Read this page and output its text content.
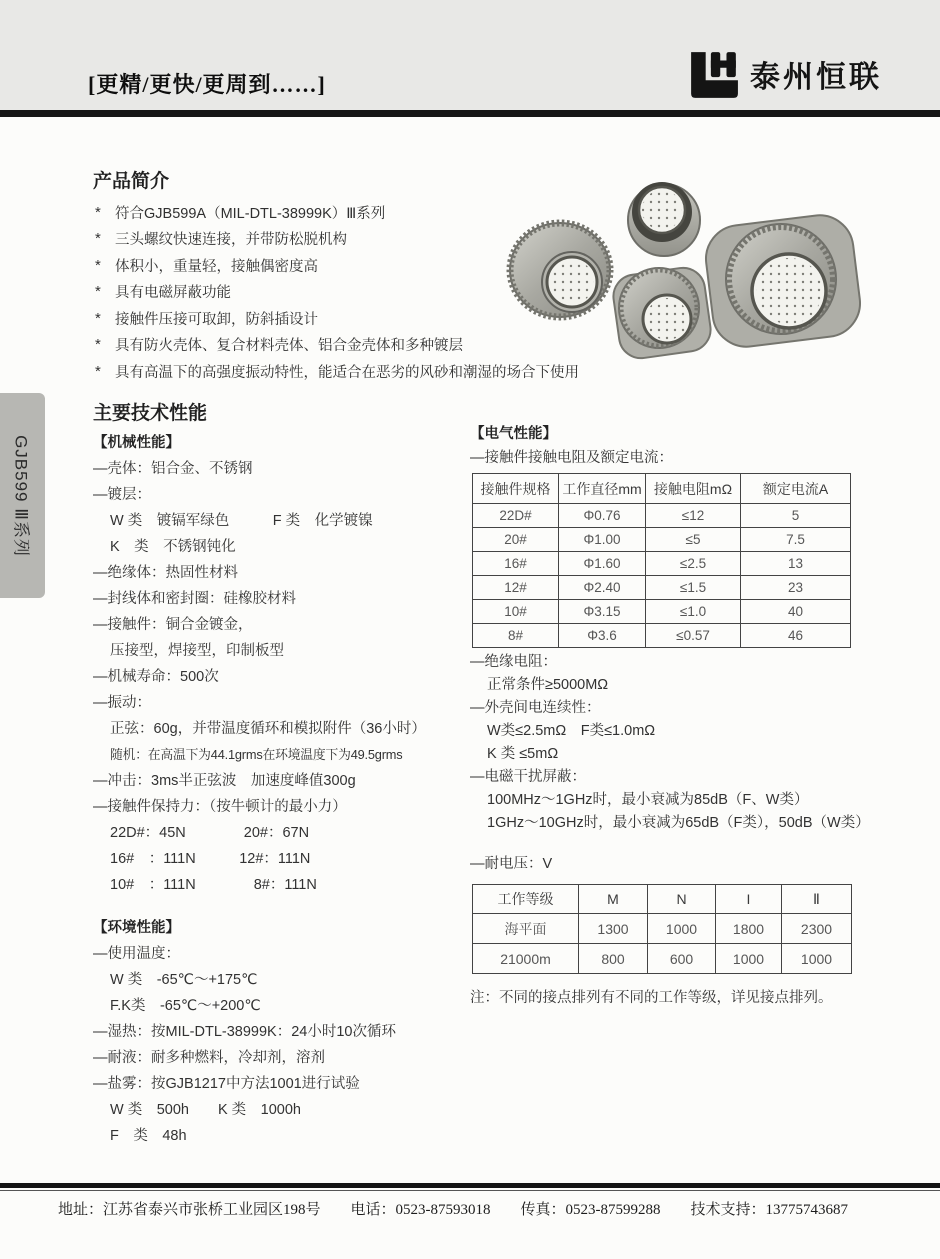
[更精/更快/更周到……]	泰州恒联
GJB599 Ⅲ系列
产品简介
* 符合GJB599A（MIL-DTL-38999K）Ⅲ系列
* 三头螺纹快速连接，并带防松脱机构
* 体积小，重量轻，接触偶密度高
* 具有电磁屏蔽功能
* 接触件压接可取卸，防斜插设计
* 具有防火壳体、复合材料壳体、铝合金壳体和多种镀层
* 具有高温下的高强度振动特性，能适合在恶劣的风砂和潮湿的场合下使用
主要技术性能
【机械性能】
—壳体：铝合金、不锈钢
—镀层：
W 类　镀镉军绿色　　　F 类　化学镀镍
K　类　不锈钢钝化
—绝缘体：热固性材料
—封线体和密封圈：硅橡胶材料
—接触件：铜合金镀金，
压接型，焊接型，印制板型
—机械寿命：500次
—振动：
正弦：60g，并带温度循环和模拟附件（36小时）
随机：在高温下为44.1grms在环境温度下为49.5grms
—冲击：3ms半正弦波　加速度峰值300g
—接触件保持力：（按牛顿计的最小力）
22D#：45N　　　　20#：67N
16#　：111N　　　12#：111N
10#　：111N　　　　8#：111N
【环境性能】
—使用温度：
W 类　-65℃～+175℃
F.K类　-65℃～+200℃
—湿热：按MIL-DTL-38999K：24小时10次循环
—耐液：耐多种燃料，冷却剂，溶剂
—盐雾：按GJB1217中方法1001进行试验
W 类　500h　　K 类　1000h
F　类　48h
【电气性能】
—接触件接触电阻及额定电流：
接触件规格	工作直径mm	接触电阻mΩ	额定电流A
22D#	Φ0.76	≤12	5
20#	Φ1.00	≤5	7.5
16#	Φ1.60	≤2.5	13
12#	Φ2.40	≤1.5	23
10#	Φ3.15	≤1.0	40
8#	Φ3.6	≤0.57	46
—绝缘电阻：
正常条件≥5000MΩ
—外壳间电连续性：
W类≤2.5mΩ　F类≤1.0mΩ
K 类 ≤5mΩ
—电磁干扰屏蔽：
100MHz～1GHz时，最小衰减为85dB（F、W类）
1GHz～10GHz时，最小衰减为65dB（F类），50dB（W类）
—耐电压：V
工作等级	M	N	I	Ⅱ
海平面	1300	1000	1800	2300
21000m	800	600	1000	1000
注：不同的接点排列有不同的工作等级，详见接点排列。
地址：江苏省泰兴市张桥工业园区198号 电话：0523-87593018 传真：0523-87599288 技术支持：13775743687
